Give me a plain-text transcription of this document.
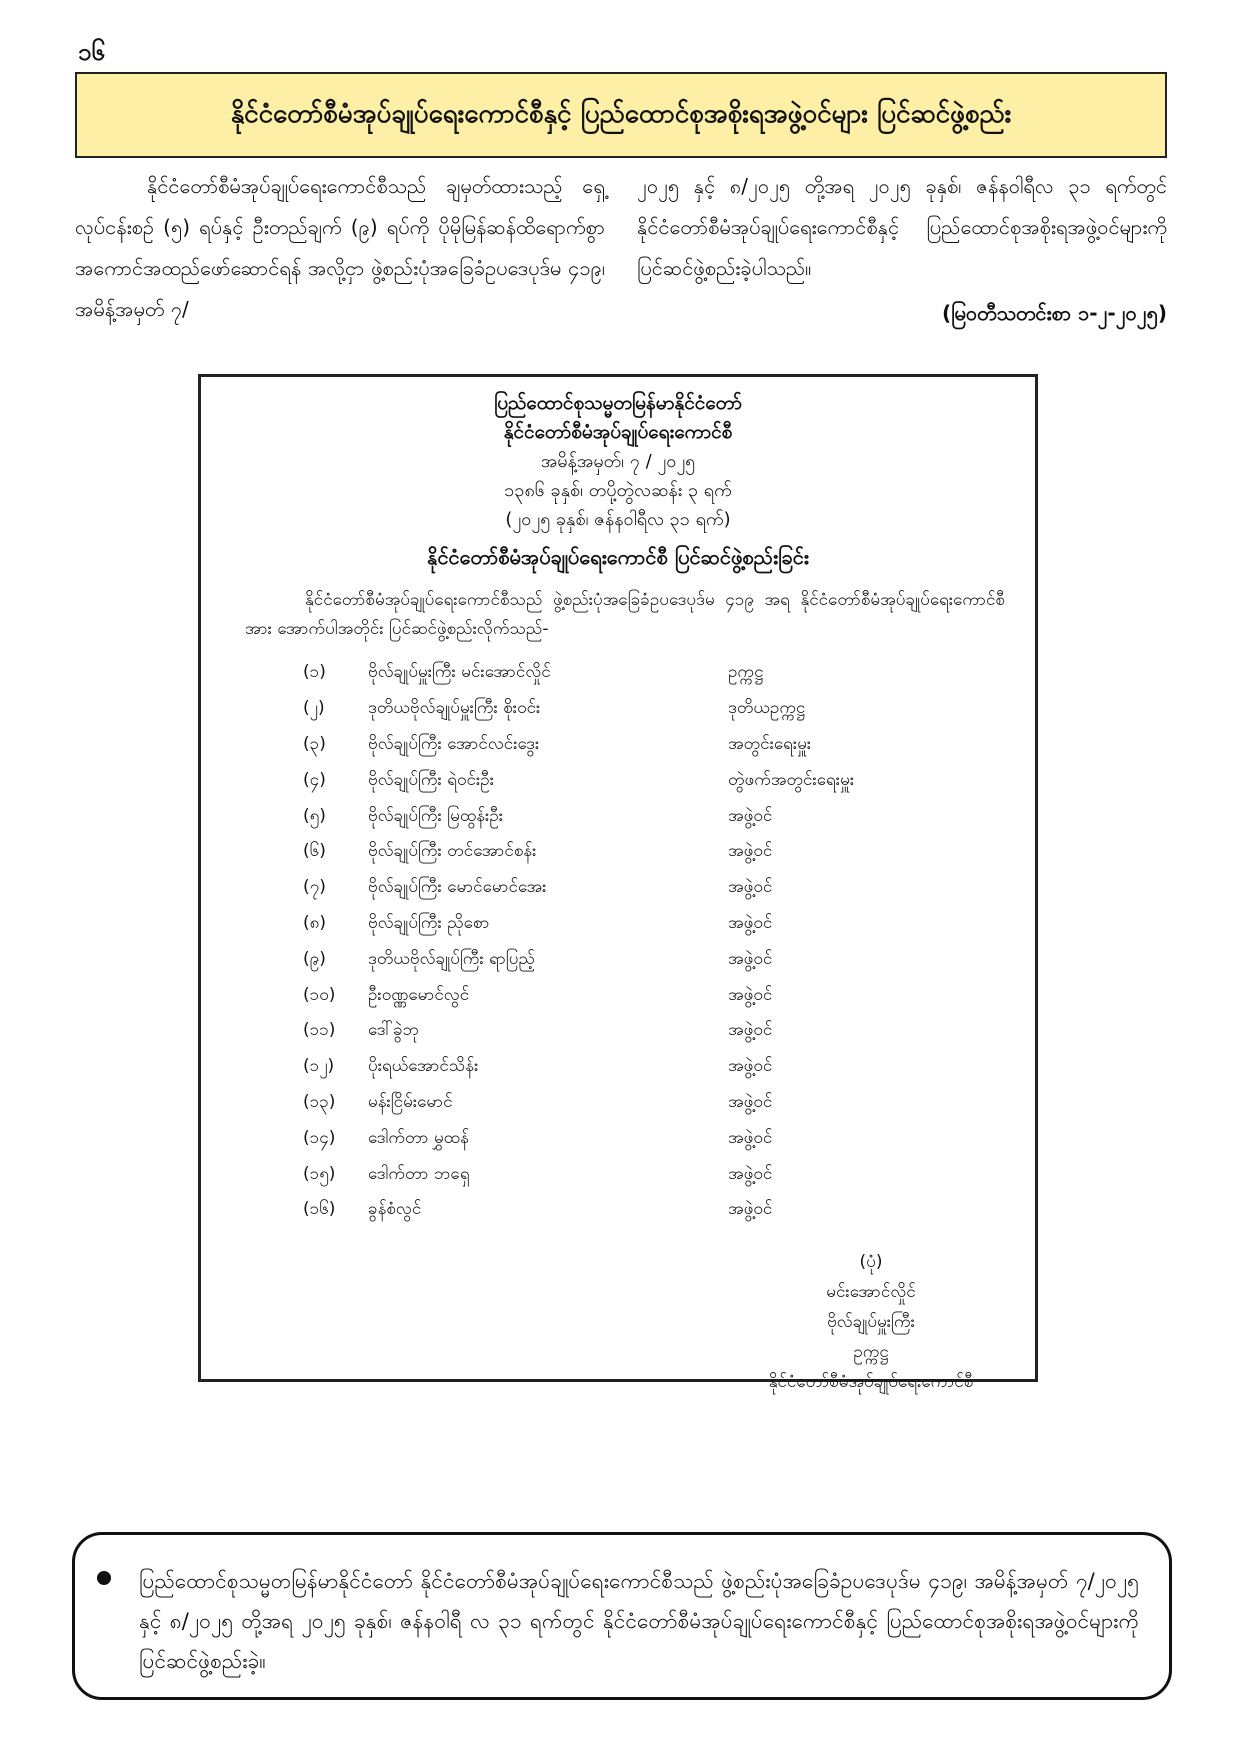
၁၆
နိုင်ငံတော်စီမံအုပ်ချုပ်ရေးကောင်စီနှင့် ပြည်ထောင်စုအစိုးရအဖွဲ့ဝင်များ ပြင်ဆင်ဖွဲ့စည်း

နိုင်ငံတော်စီမံအုပ်ချုပ်ရေးကောင်စီသည် ချမှတ်ထားသည့် ရှေ့လုပ်ငန်းစဉ် (၅) ရပ်နှင့် ဦးတည်ချက် (၉) ရပ်ကို ပိုမိုမြန်ဆန်ထိရောက်စွာ အကောင်အထည်ဖော်ဆောင်ရန် အလို့ငှာ ဖွဲ့စည်းပုံအခြေခံဥပဒေပုဒ်မ ၄၁၉၊ အမိန့်အမှတ် ၇/

၂၀၂၅ နှင့် ၈/၂၀၂၅ တို့အရ ၂၀၂၅ ခုနှစ်၊ ဇန်နဝါရီလ ၃၁ ရက်တွင် နိုင်ငံတော်စီမံအုပ်ချုပ်ရေးကောင်စီနှင့် ပြည်ထောင်စုအစိုးရအဖွဲ့ဝင်များကို ပြင်ဆင်ဖွဲ့စည်းခဲ့ပါသည်။

(မြဝတီသတင်းစာ ၁-၂-၂၀၂၅)
ပြည်ထောင်စုသမ္မတမြန်မာနိုင်ငံတော်
နိုင်ငံတော်စီမံအုပ်ချုပ်ရေးကောင်စီ
အမိန့်အမှတ်၊ ၇ / ၂၀၂၅
၁၃၈၆ ခုနှစ်၊ တပို့တွဲလဆန်း ၃ ရက်
(၂၀၂၅ ခုနှစ်၊ ဇန်နဝါရီလ ၃၁ ရက်)
နိုင်ငံတော်စီမံအုပ်ချုပ်ရေးကောင်စီ ပြင်ဆင်ဖွဲ့စည်းခြင်း
နိုင်ငံတော်စီမံအုပ်ချုပ်ရေးကောင်စီသည် ဖွဲ့စည်းပုံအခြေခံဥပဒေပုဒ်မ ၄၁၉ အရ နိုင်ငံတော်စီမံအုပ်ချုပ်ရေးကောင်စီအား အောက်ပါအတိုင်း ပြင်ဆင်ဖွဲ့စည်းလိုက်သည်-
(၁)	ဗိုလ်ချုပ်မှူးကြီး မင်းအောင်လှိုင်	ဥက္ကဋ္ဌ
(၂)	ဒုတိယဗိုလ်ချုပ်မှူးကြီး စိုးဝင်း	ဒုတိယဥက္ကဋ္ဌ
(၃)	ဗိုလ်ချုပ်ကြီး အောင်လင်းဒွေး	အတွင်းရေးမှူး
(၄)	ဗိုလ်ချုပ်ကြီး ရဲဝင်းဦး	တွဲဖက်အတွင်းရေးမှူး
(၅)	ဗိုလ်ချုပ်ကြီး မြထွန်းဦး	အဖွဲ့ဝင်
(၆)	ဗိုလ်ချုပ်ကြီး တင်အောင်စန်း	အဖွဲ့ဝင်
(၇)	ဗိုလ်ချုပ်ကြီး မောင်မောင်အေး	အဖွဲ့ဝင်
(၈)	ဗိုလ်ချုပ်ကြီး ညိုစော	အဖွဲ့ဝင်
(၉)	ဒုတိယဗိုလ်ချုပ်ကြီး ရာပြည့်	အဖွဲ့ဝင်
(၁၀)	ဦးဝဏ္ဏမောင်လွင်	အဖွဲ့ဝင်
(၁၁)	ဒေါ်ခွဲဘု	အဖွဲ့ဝင်
(၁၂)	ပိုးရယ်အောင်သိန်း	အဖွဲ့ဝင်
(၁၃)	မန်းငြိမ်းမောင်	အဖွဲ့ဝင်
(၁၄)	ဒေါက်တာ မွှထန်	အဖွဲ့ဝင်
(၁၅)	ဒေါက်တာ ဘရှေ	အဖွဲ့ဝင်
(၁၆)	ခွန်စံလွင်	အဖွဲ့ဝင်
(ပုံ)
မင်းအောင်လှိုင်
ဗိုလ်ချုပ်မှူးကြီး
ဥက္ကဋ္ဌ
နိုင်ငံတော်စီမံအုပ်ချုပ်ရေးကောင်စီ
ပြည်ထောင်စုသမ္မတမြန်မာနိုင်ငံတော် နိုင်ငံတော်စီမံအုပ်ချုပ်ရေးကောင်စီသည် ဖွဲ့စည်းပုံအခြေခံဥပဒေပုဒ်မ ၄၁၉၊ အမိန့်အမှတ် ၇/၂၀၂၅ နှင့် ၈/၂၀၂၅ တို့အရ ၂၀၂၅ ခုနှစ်၊ ဇန်နဝါရီ လ ၃၁ ရက်တွင် နိုင်ငံတော်စီမံအုပ်ချုပ်ရေးကောင်စီနှင့် ပြည်ထောင်စုအစိုးရအဖွဲ့ဝင်များကို ပြင်ဆင်ဖွဲ့စည်းခဲ့။
